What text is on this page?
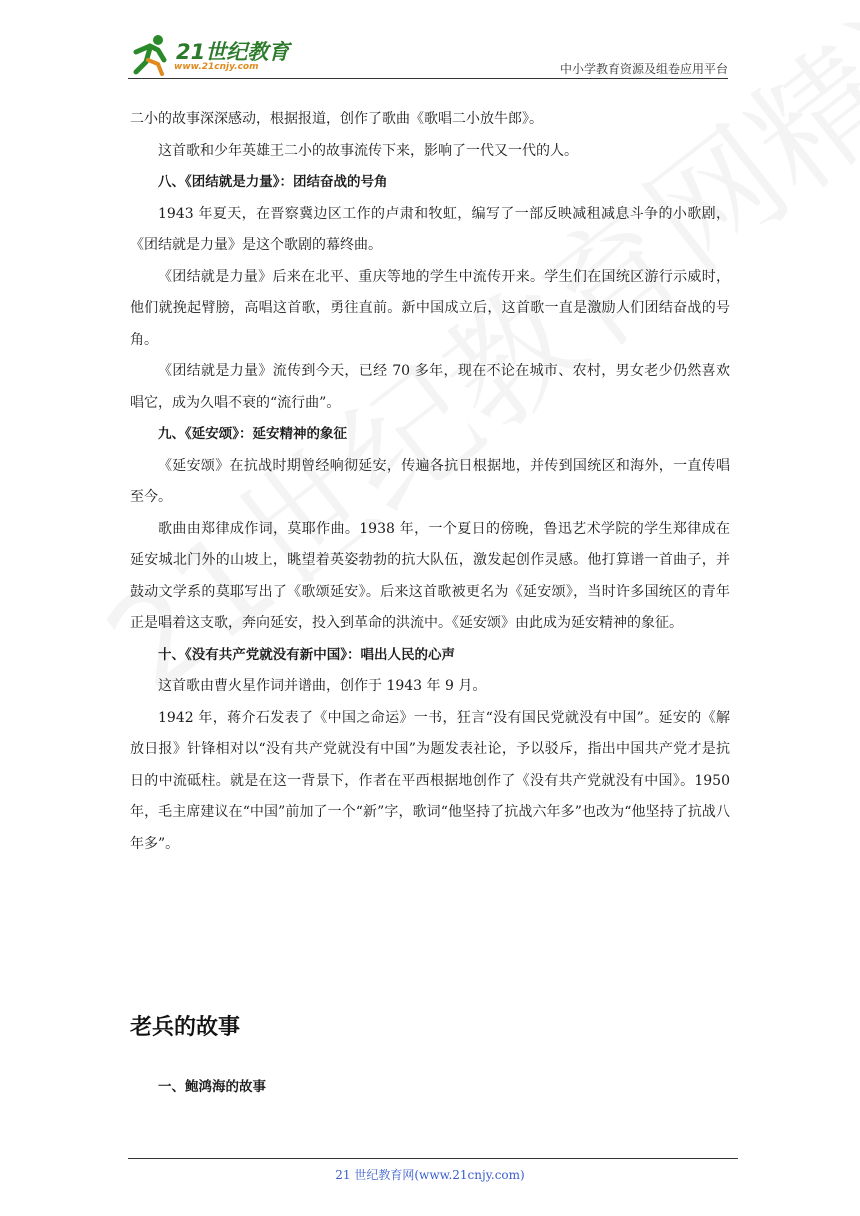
21世纪教育
www.21cnjy.com	中小学教育资源及组卷应用平台

二小的故事深深感动，根据报道，创作了歌曲《歌唱二小放牛郎》。

这首歌和少年英雄王二小的故事流传下来，影响了一代又一代的人。

八、《团结就是力量》：团结奋战的号角

1943 年夏天，在晋察冀边区工作的卢肃和牧虹，编写了一部反映减租减息斗争的小歌剧，《团结就是力量》是这个歌剧的幕终曲。

《团结就是力量》后来在北平、重庆等地的学生中流传开来。学生们在国统区游行示威时，他们就挽起臂膀，高唱这首歌，勇往直前。新中国成立后，这首歌一直是激励人们团结奋战的号角。

《团结就是力量》流传到今天，已经 70 多年，现在不论在城市、农村，男女老少仍然喜欢唱它，成为久唱不衰的“流行曲”。

九、《延安颂》：延安精神的象征

《延安颂》在抗战时期曾经响彻延安，传遍各抗日根据地，并传到国统区和海外，一直传唱至今。

歌曲由郑律成作词，莫耶作曲。1938 年，一个夏日的傍晚，鲁迅艺术学院的学生郑律成在延安城北门外的山坡上，眺望着英姿勃勃的抗大队伍，激发起创作灵感。他打算谱一首曲子，并鼓动文学系的莫耶写出了《歌颂延安》。后来这首歌被更名为《延安颂》，当时许多国统区的青年正是唱着这支歌，奔向延安，投入到革命的洪流中。《延安颂》由此成为延安精神的象征。

十、《没有共产党就没有新中国》：唱出人民的心声

这首歌由曹火星作词并谱曲，创作于 1943 年 9 月。

1942 年，蒋介石发表了《中国之命运》一书，狂言“没有国民党就没有中国”。延安的《解放日报》针锋相对以“没有共产党就没有中国”为题发表社论，予以驳斥，指出中国共产党才是抗日的中流砥柱。就是在这一背景下，作者在平西根据地创作了《没有共产党就没有中国》。1950 年，毛主席建议在“中国”前加了一个“新”字，歌词“他坚持了抗战六年多”也改为“他坚持了抗战八年多”。

老兵的故事

一、鲍鸿海的故事

21 世纪教育网(www.21cnjy.com)
